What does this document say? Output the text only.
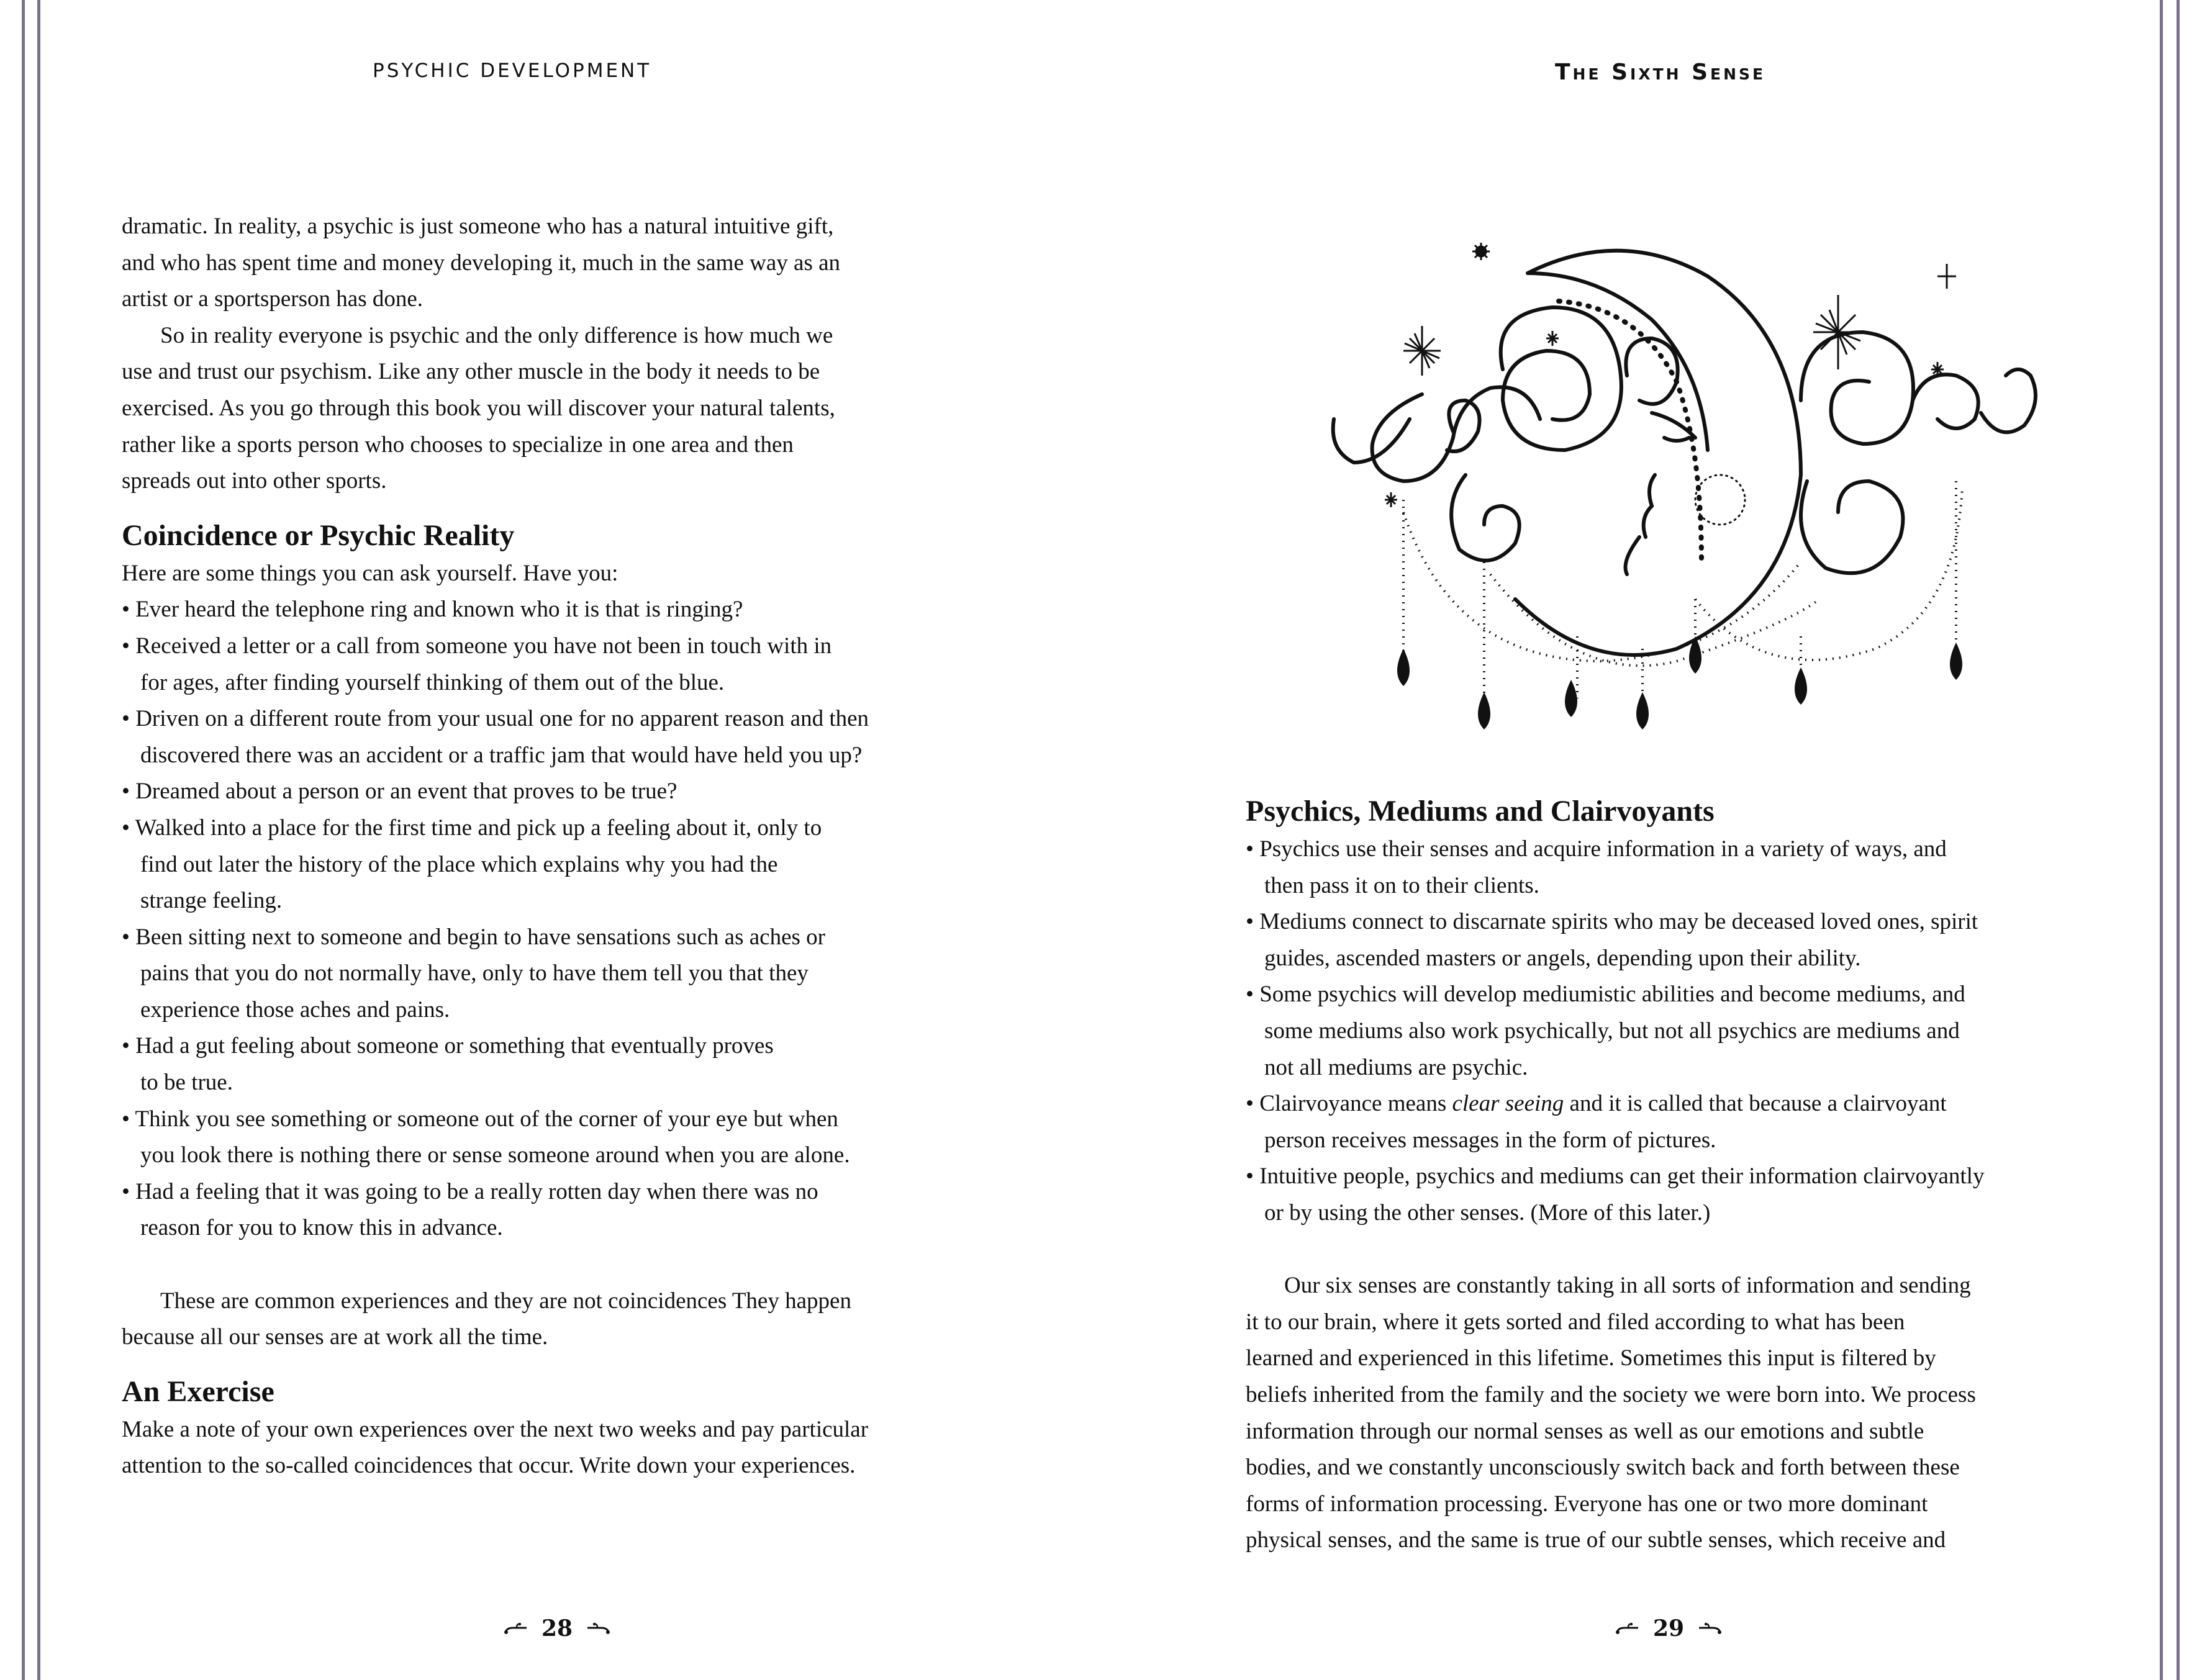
PSYCHIC DEVELOPMENT
dramatic. In reality, a psychic is just someone who has a natural intuitive gift,
and who has spent time and money developing it, much in the same way as an
artist or a sportsperson has done.
So in reality everyone is psychic and the only difference is how much we
use and trust our psychism. Like any other muscle in the body it needs to be
exercised. As you go through this book you will discover your natural talents,
rather like a sports person who chooses to specialize in one area and then
spreads out into other sports.
Coincidence or Psychic Reality
Here are some things you can ask yourself. Have you:
• Ever heard the telephone ring and known who it is that is ringing?
• Received a letter or a call from someone you have not been in touch with in
for ages, after finding yourself thinking of them out of the blue.
• Driven on a different route from your usual one for no apparent reason and then
discovered there was an accident or a traffic jam that would have held you up?
• Dreamed about a person or an event that proves to be true?
• Walked into a place for the first time and pick up a feeling about it, only to
find out later the history of the place which explains why you had the
strange feeling.
• Been sitting next to someone and begin to have sensations such as aches or
pains that you do not normally have, only to have them tell you that they
experience those aches and pains.
• Had a gut feeling about someone or something that eventually proves
to be true.
• Think you see something or someone out of the corner of your eye but when
you look there is nothing there or sense someone around when you are alone.
• Had a feeling that it was going to be a really rotten day when there was no
reason for you to know this in advance.
These are common experiences and they are not coincidences They happen
because all our senses are at work all the time.
An Exercise
Make a note of your own experiences over the next two weeks and pay particular
attention to the so-called coincidences that occur. Write down your experiences.
28
The Sixth Sense
Psychics, Mediums and Clairvoyants
• Psychics use their senses and acquire information in a variety of ways, and
then pass it on to their clients.
• Mediums connect to discarnate spirits who may be deceased loved ones, spirit
guides, ascended masters or angels, depending upon their ability.
• Some psychics will develop mediumistic abilities and become mediums, and
some mediums also work psychically, but not all psychics are mediums and
not all mediums are psychic.
• Clairvoyance means clear seeing and it is called that because a clairvoyant
person receives messages in the form of pictures.
• Intuitive people, psychics and mediums can get their information clairvoyantly
or by using the other senses. (More of this later.)
Our six senses are constantly taking in all sorts of information and sending
it to our brain, where it gets sorted and filed according to what has been
learned and experienced in this lifetime. Sometimes this input is filtered by
beliefs inherited from the family and the society we were born into. We process
information through our normal senses as well as our emotions and subtle
bodies, and we constantly unconsciously switch back and forth between these
forms of information processing. Everyone has one or two more dominant
physical senses, and the same is true of our subtle senses, which receive and
29
